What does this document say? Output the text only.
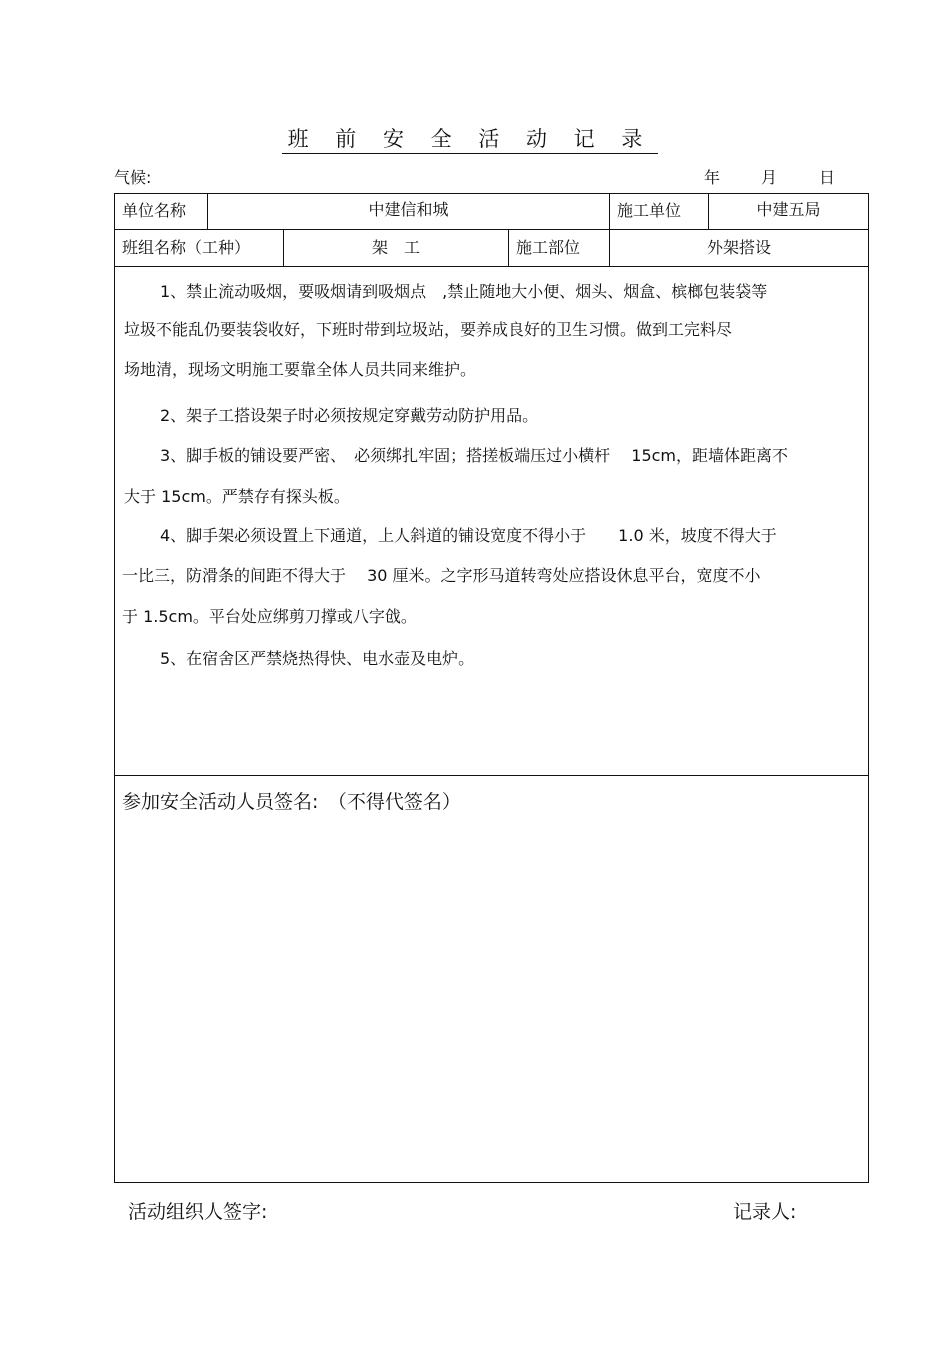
班 前 安 全 活 动 记 录
气候:	年	月	日
单位名称	中建信和城	施工单位	中建五局
班组名称（工种）	架　工	施工部位	外架搭设
1、禁止流动吸烟，要吸烟请到吸烟点　,禁止随地大小便、烟头、烟盒、槟榔包装袋等
垃圾不能乱仍要装袋收好，下班时带到垃圾站，要养成良好的卫生习惯。做到工完料尽
场地清，现场文明施工要靠全体人员共同来维护。
2、架子工搭设架子时必须按规定穿戴劳动防护用品。
3、脚手板的铺设要严密、　必须绑扎牢固；搭搓板端压过小横杆　 15cm，距墙体距离不
大于 15cm。严禁存有探头板。
4、脚手架必须设置上下通道，上人斜道的铺设宽度不得小于　　1.0 米，坡度不得大于
一比三，防滑条的间距不得大于　 30 厘米。之字形马道转弯处应搭设休息平台，宽度不小
于 1.5cm。平台处应绑剪刀撑或八字戗。
5、在宿舍区严禁烧热得快、电水壶及电炉。
参加安全活动人员签名:　（不得代签名）
活动组织人签字:	记录人:
